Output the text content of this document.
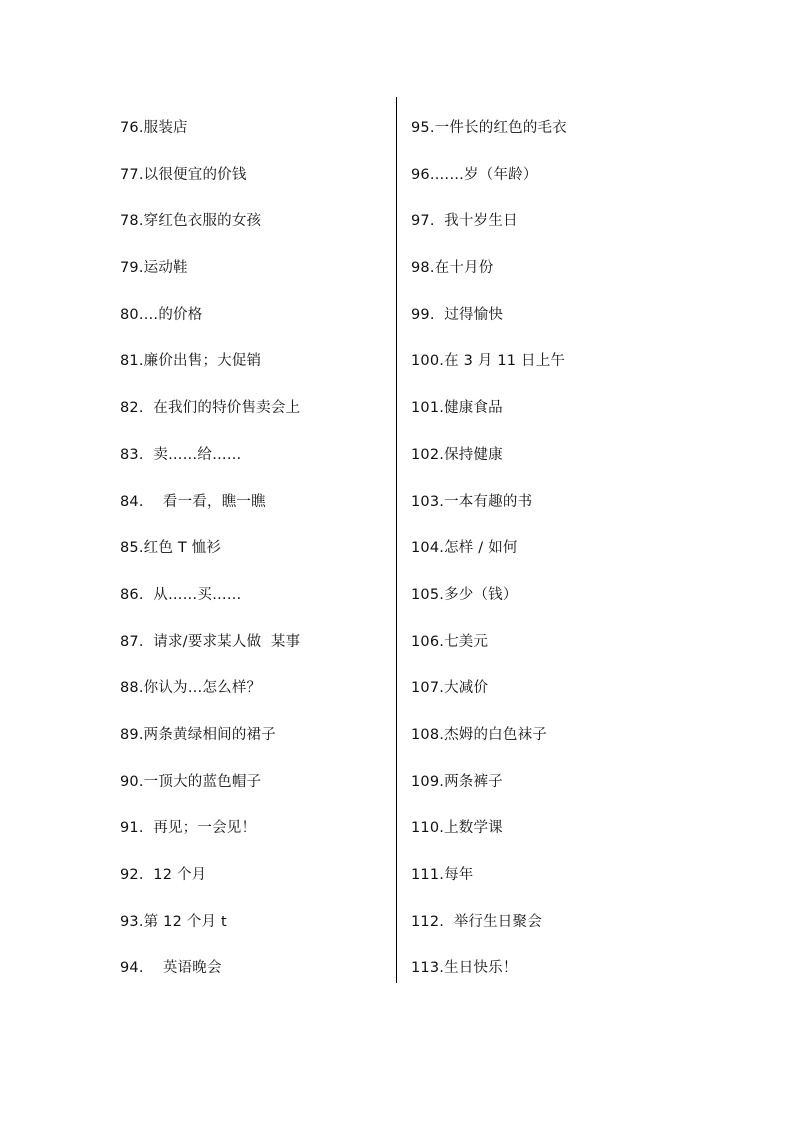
76.服装店
77.以很便宜的价钱
78.穿红色衣服的女孩
79.运动鞋
80.…的价格
81.廉价出售；大促销
82.  在我们的特价售卖会上
83.  卖……给……
84.    看一看，瞧一瞧
85.红色 T 恤衫
86.  从……买……
87.  请求/要求某人做  某事
88.你认为…怎么样？
89.两条黄绿相间的裙子
90.一顶大的蓝色帽子
91.  再见；一会见！
92.  12 个月
93.第 12 个月 t
94.    英语晚会
95.一件长的红色的毛衣
96.……岁（年龄）
97.  我十岁生日
98.在十月份
99.  过得愉快
100.在 3 月 11 日上午
101.健康食品
102.保持健康
103.一本有趣的书
104.怎样 / 如何
105.多少（钱）
106.七美元
107.大减价
108.杰姆的白色袜子
109.两条裤子
110.上数学课
111.每年
112.  举行生日聚会
113.生日快乐！
